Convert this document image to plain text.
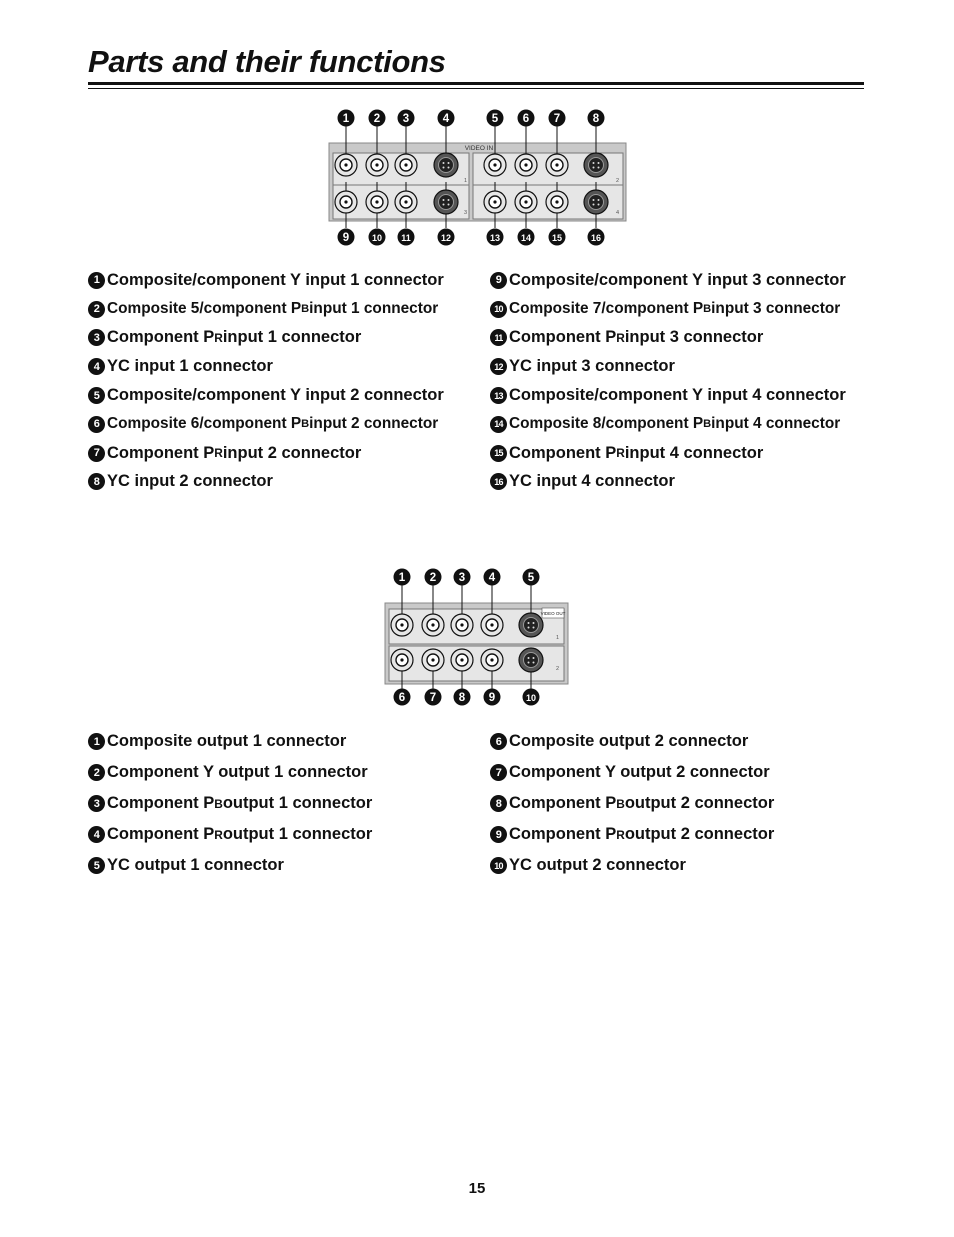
Parts and their functions
VIDEO IN
1	2
3	4
1
9
2
10
3
11
4
12
5
13
6
14
7
15
8
16
1 Composite/component Y input 1 connector
2 Composite 5/component P B input 1 connector
3 Component P R input 1 connector
4 YC input 1 connector
5 Composite/component Y input 2 connector
6 Composite 6/component P B input 2 connector
7 Component P R input 2 connector
8 YC input 2 connector
9 Composite/component Y input 3 connector
10 Composite 7/component P B input 3 connector
11 Component P R input 3 connector
12 YC input 3 connector
13 Composite/component Y input 4 connector
14 Composite 8/component P B input 4 connector
15 Component P R input 4 connector
16 YC input 4 connector
VIDEO OUT
1
2
1
6
2
7
3
8
4
9
5
10
1 Composite output 1 connector
2 Component Y output 1 connector
3 Component P B output 1 connector
4 Component P R output 1 connector
5 YC output 1 connector
6 Composite output 2 connector
7 Component Y output 2 connector
8 Component P B output 2 connector
9 Component P R output 2 connector
10 YC output 2 connector
15
